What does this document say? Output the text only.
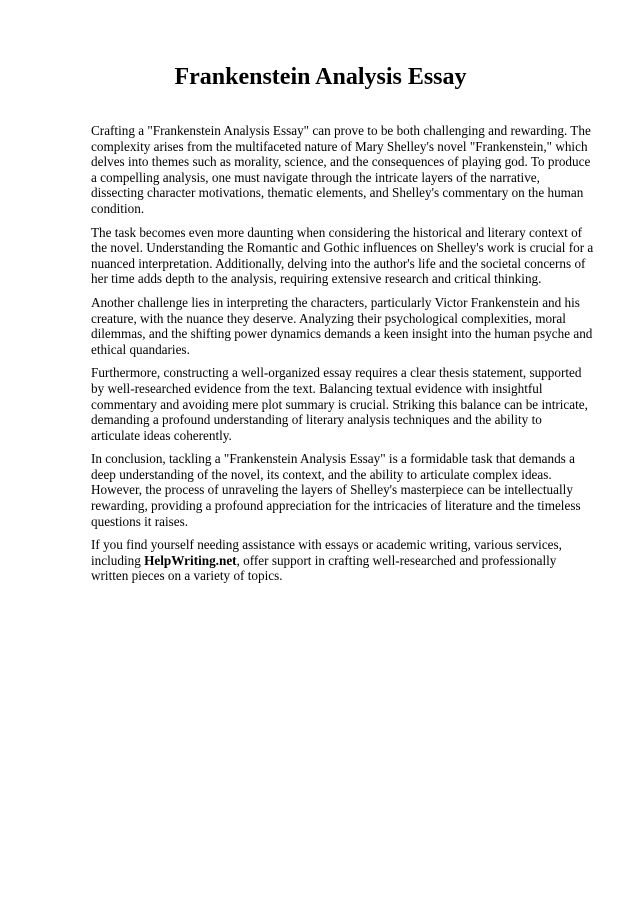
Frankenstein Analysis Essay

Crafting a "Frankenstein Analysis Essay" can prove to be both challenging and rewarding. The complexity arises from the multifaceted nature of Mary Shelley's novel "Frankenstein," which delves into themes such as morality, science, and the consequences of playing god. To produce a compelling analysis, one must navigate through the intricate layers of the narrative, dissecting character motivations, thematic elements, and Shelley's commentary on the human condition.

The task becomes even more daunting when considering the historical and literary context of the novel. Understanding the Romantic and Gothic influences on Shelley's work is crucial for a nuanced interpretation. Additionally, delving into the author's life and the societal concerns of her time adds depth to the analysis, requiring extensive research and critical thinking.

Another challenge lies in interpreting the characters, particularly Victor Frankenstein and his creature, with the nuance they deserve. Analyzing their psychological complexities, moral dilemmas, and the shifting power dynamics demands a keen insight into the human psyche and ethical quandaries.

Furthermore, constructing a well-organized essay requires a clear thesis statement, supported by well-researched evidence from the text. Balancing textual evidence with insightful commentary and avoiding mere plot summary is crucial. Striking this balance can be intricate, demanding a profound understanding of literary analysis techniques and the ability to articulate ideas coherently.

In conclusion, tackling a "Frankenstein Analysis Essay" is a formidable task that demands a deep understanding of the novel, its context, and the ability to articulate complex ideas. However, the process of unraveling the layers of Shelley's masterpiece can be intellectually rewarding, providing a profound appreciation for the intricacies of literature and the timeless questions it raises.

If you find yourself needing assistance with essays or academic writing, various services, including HelpWriting.net, offer support in crafting well-researched and professionally written pieces on a variety of topics.
